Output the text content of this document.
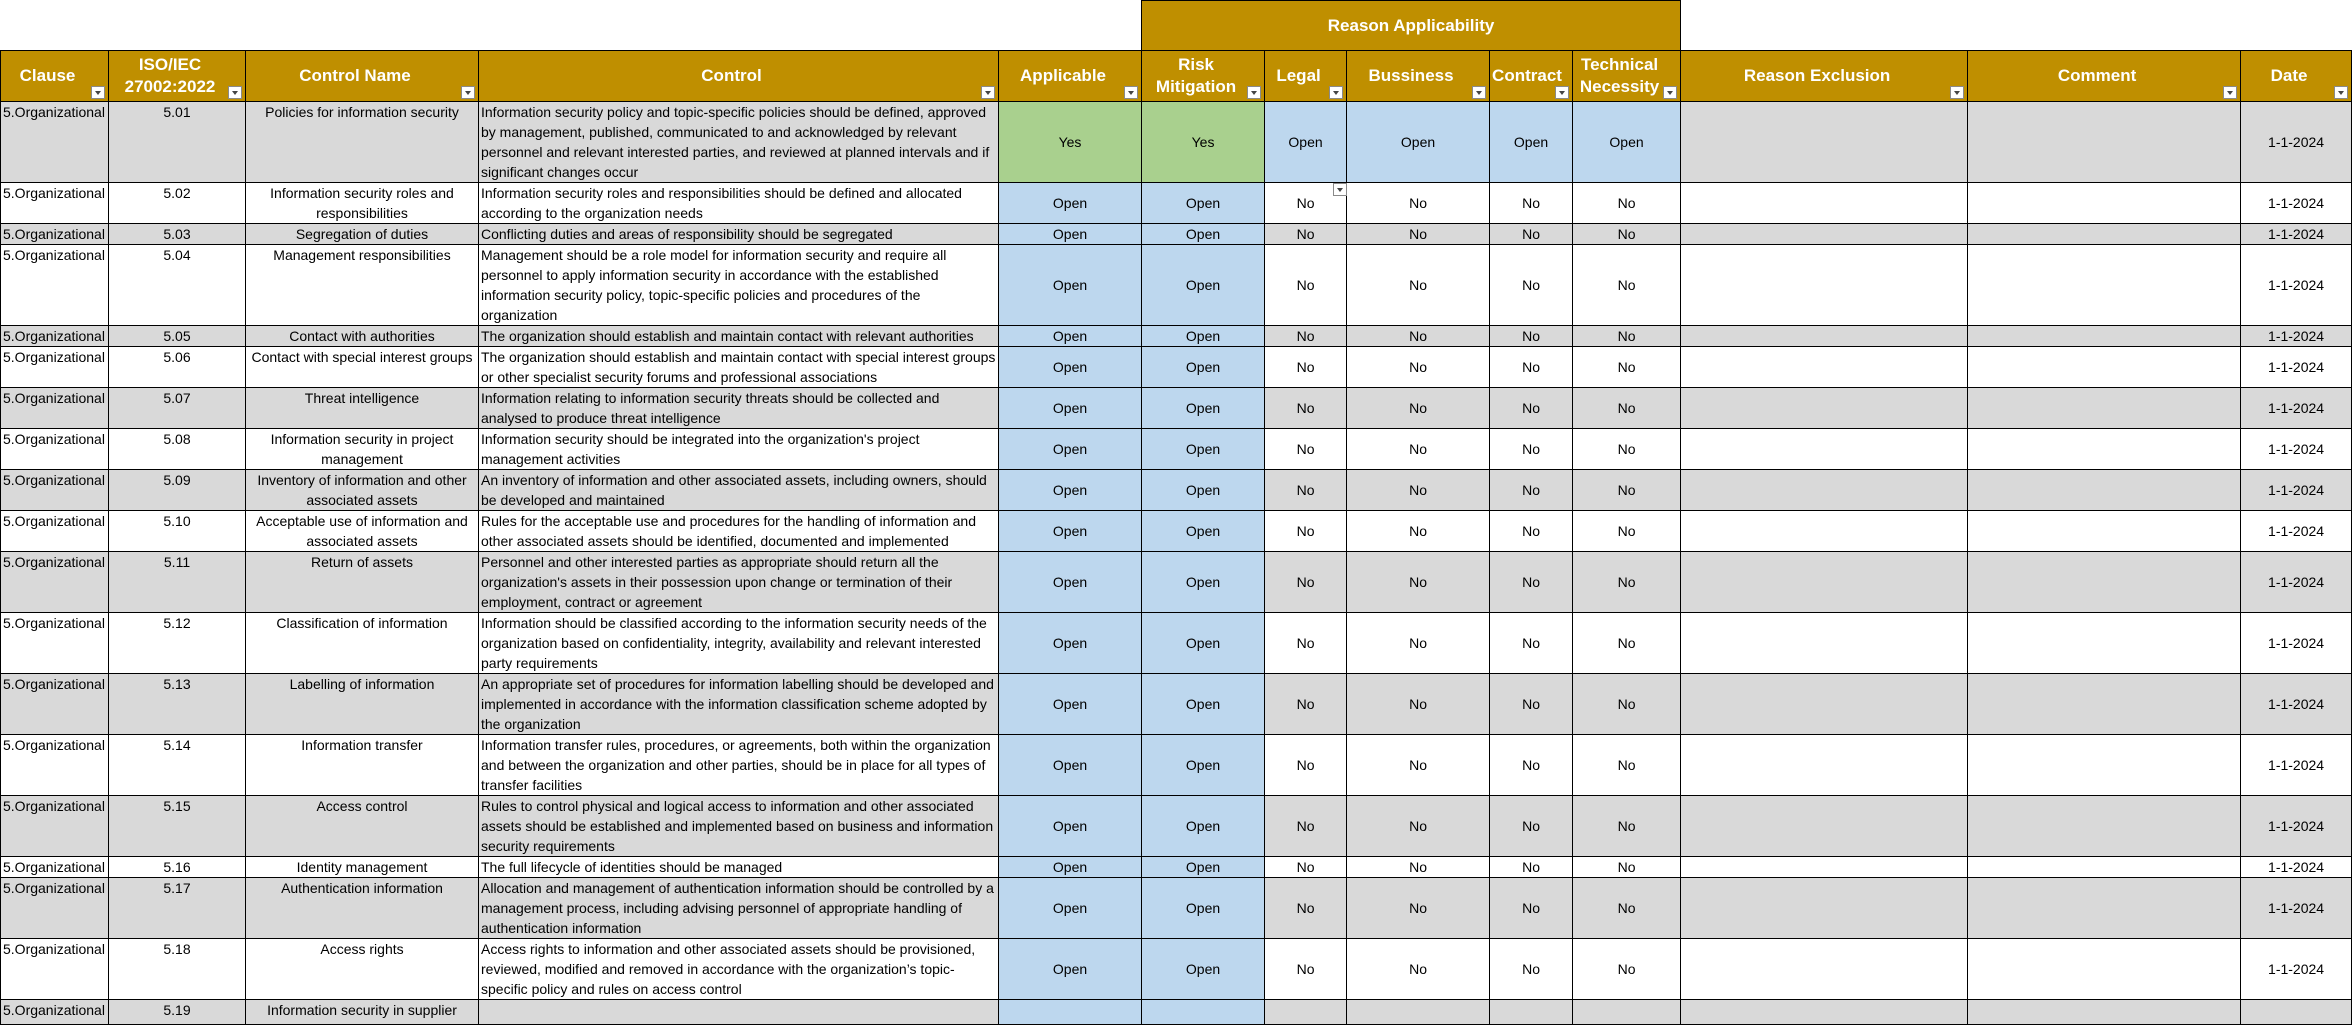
					Reason Applicability							
Clause	ISO/IEC 27002:2022	Control Name	Control	Applicable	Risk Mitigation	Legal	Bussiness	Contract	Technical Necessity	Reason Exclusion	Comment	Date

5.Organizational	5.01	Policies for information security	Information security policy and topic-specific policies should be defined, approved by management, published, communicated to and acknowledged by relevant personnel and relevant interested parties, and reviewed at planned intervals and if significant changes occur	Yes	Yes	Open	Open	Open	Open			1-1-2024
5.Organizational	5.02	Information security roles and responsibilities	Information security roles and responsibilities should be defined and allocated according to the organization needs	Open	Open	No	No	No	No			1-1-2024
5.Organizational	5.03	Segregation of duties	Conflicting duties and areas of responsibility should be segregated	Open	Open	No	No	No	No			1-1-2024
5.Organizational	5.04	Management responsibilities	Management should be a role model for information security and require all personnel to apply information security in accordance with the established information security policy, topic-specific policies and procedures of the organization	Open	Open	No	No	No	No			1-1-2024
5.Organizational	5.05	Contact with authorities	The organization should establish and maintain contact with relevant authorities	Open	Open	No	No	No	No			1-1-2024
5.Organizational	5.06	Contact with special interest groups	The organization should establish and maintain contact with special interest groups or other specialist security forums and professional associations	Open	Open	No	No	No	No			1-1-2024
5.Organizational	5.07	Threat intelligence	Information relating to information security threats should be collected and analysed to produce threat intelligence	Open	Open	No	No	No	No			1-1-2024
5.Organizational	5.08	Information security in project management	Information security should be integrated into the organization's project management activities	Open	Open	No	No	No	No			1-1-2024
5.Organizational	5.09	Inventory of information and other associated assets	An inventory of information and other associated assets, including owners, should be developed and maintained	Open	Open	No	No	No	No			1-1-2024
5.Organizational	5.10	Acceptable use of information and associated assets	Rules for the acceptable use and procedures for the handling of information and other associated assets should be identified, documented and implemented	Open	Open	No	No	No	No			1-1-2024
5.Organizational	5.11	Return of assets	Personnel and other interested parties as appropriate should return all the organization's assets in their possession upon change or termination of their employment, contract or agreement	Open	Open	No	No	No	No			1-1-2024
5.Organizational	5.12	Classification of information	Information should be classified according to the information security needs of the organization based on confidentiality, integrity, availability and relevant interested party requirements	Open	Open	No	No	No	No			1-1-2024
5.Organizational	5.13	Labelling of information	An appropriate set of procedures for information labelling should be developed and implemented in accordance with the information classification scheme adopted by the organization	Open	Open	No	No	No	No			1-1-2024
5.Organizational	5.14	Information transfer	Information transfer rules, procedures, or agreements, both within the organization and between the organization and other parties, should be in place for all types of transfer facilities	Open	Open	No	No	No	No			1-1-2024
5.Organizational	5.15	Access control	Rules to control physical and logical access to information and other associated assets should be established and implemented based on business and information security requirements	Open	Open	No	No	No	No			1-1-2024
5.Organizational	5.16	Identity management	The full lifecycle of identities should be managed	Open	Open	No	No	No	No			1-1-2024
5.Organizational	5.17	Authentication information	Allocation and management of authentication information should be controlled by a management process, including advising personnel of appropriate handling of authentication information	Open	Open	No	No	No	No			1-1-2024
5.Organizational	5.18	Access rights	Access rights to information and other associated assets should be provisioned, reviewed, modified and removed in accordance with the organization’s topic-specific policy and rules on access control	Open	Open	No	No	No	No			1-1-2024
5.Organizational	5.19	Information security in supplier										
